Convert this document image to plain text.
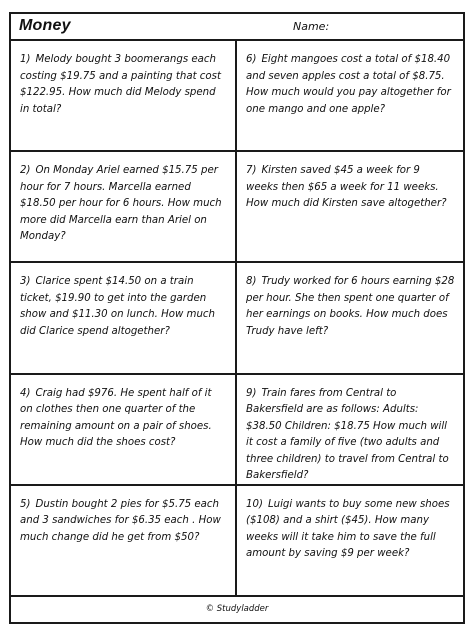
Money	Name:
1) Melody bought 3 boomerangs each costing $19.75 and a painting that cost $122.95. How much did Melody spend in total?
6) Eight mangoes cost a total of $18.40 and seven apples cost a total of $8.75. How much would you pay altogether for one mango and one apple?
2) On Monday Ariel earned $15.75 per hour for 7 hours. Marcella earned $18.50 per hour for 6 hours. How much more did Marcella earn than Ariel on Monday?
7) Kirsten saved $45 a week for 9 weeks then $65 a week for 11 weeks. How much did Kirsten save altogether?
3) Clarice spent $14.50 on a train ticket, $19.90 to get into the garden show and $11.30 on lunch. How much did Clarice spend altogether?
8) Trudy worked for 6 hours earning $28 per hour. She then spent one quarter of her earnings on books. How much does Trudy have left?
4) Craig had $976. He spent half of it on clothes then one quarter of the remaining amount on a pair of shoes. How much did the shoes cost?
9) Train fares from Central to Bakersfield are as follows: Adults: $38.50 Children: $18.75 How much will it cost a family of five (two adults and three children) to travel from Central to Bakersfield?
5) Dustin bought 2 pies for $5.75 each and 3 sandwiches for $6.35 each . How much change did he get from $50?
10) Luigi wants to buy some new shoes ($108) and a shirt ($45). How many weeks will it take him to save the full amount by saving $9 per week?
© Studyladder
